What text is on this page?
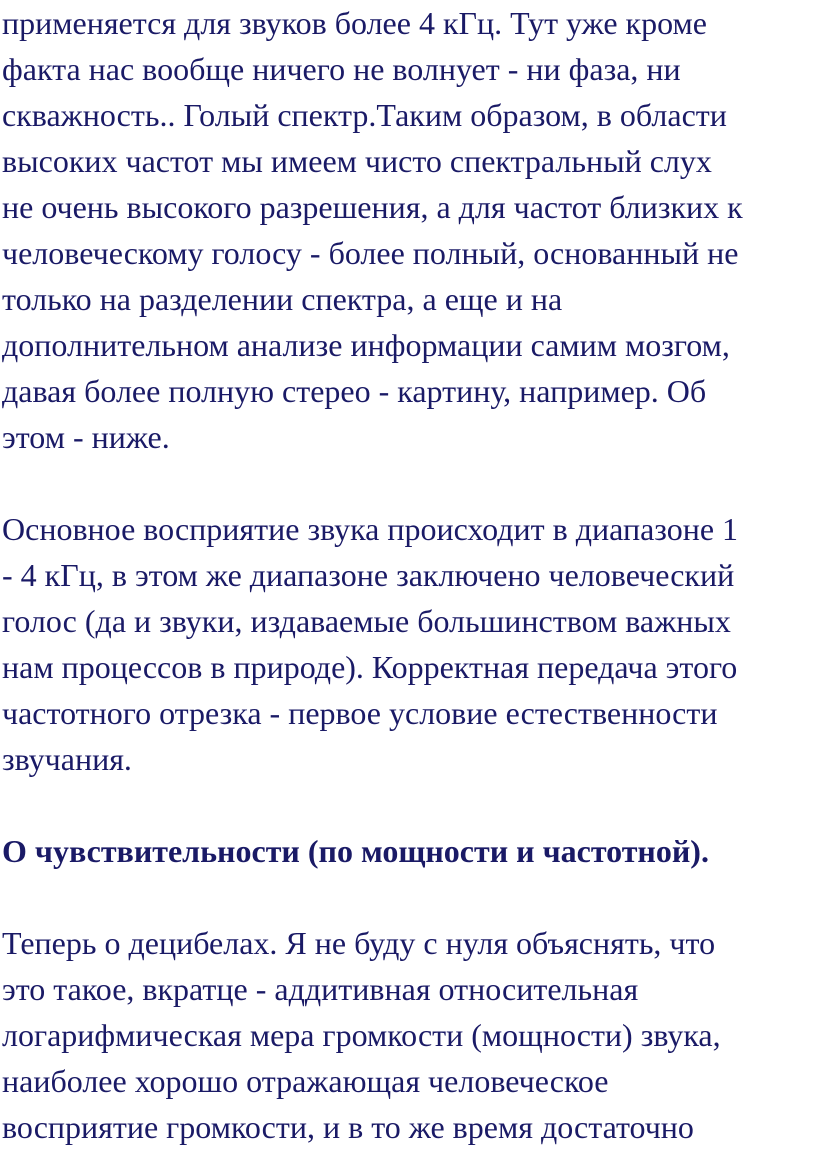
применяется для звуков более 4 кГц. Тут уже кроме
факта нас вообще ничего не волнует - ни фаза, ни
скважность.. Голый спектр.Таким образом, в области
высоких частот мы имеем чисто спектральный слух
не очень высокого разрешения, а для частот близких к
человеческому голосу - более полный, основанный не
только на разделении спектра, а еще и на
дополнительном анализе информации самим мозгом,
давая более полную стерео - картину, например. Об
этом - ниже.
Основное восприятие звука происходит в диапазоне 1
- 4 кГц, в этом же диапазоне заключено человеческий
голос (да и звуки, издаваемые большинством важных
нам процессов в природе). Корректная передача этого
частотного отрезка - первое условие естественности
звучания.
О чувствительности (по мощности и частотной).
Теперь о децибелах. Я не буду с нуля объяснять, что
это такое, вкратце - аддитивная относительная
логарифмическая мера громкости (мощности) звука,
наиболее хорошо отражающая человеческое
восприятие громкости, и в то же время достаточно
